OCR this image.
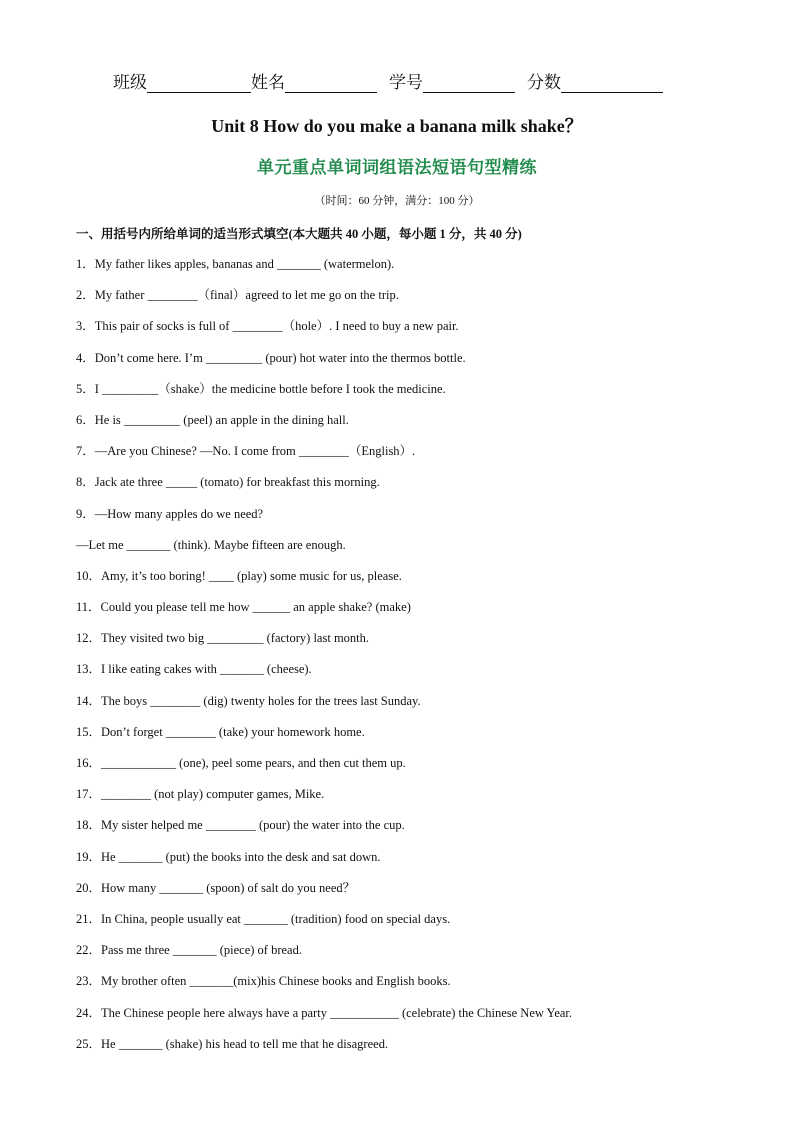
班级	姓名	学号	分数
Unit 8 How do you make a banana milk shake？
单元重点单词词组语法短语句型精练
（时间：60 分钟，满分：100 分）
一、用括号内所给单词的适当形式填空(本大题共 40 小题，每小题 1 分，共 40 分)
1．My father likes apples, bananas and _______ (watermelon).
2．My father ________（final）agreed to let me go on the trip.
3．This pair of socks is full of ________（hole）. I need to buy a new pair.
4．Don’t come here. I’m _________ (pour) hot water into the thermos bottle.
5．I _________（shake）the medicine bottle before I took the medicine.
6．He is _________ (peel) an apple in the dining hall.
7．—Are you Chinese? —No. I come from ________（English）.
8．Jack ate three _____ (tomato) for breakfast this morning.
9．—How many apples do we need?
—Let me _______ (think). Maybe fifteen are enough.
10．Amy, it’s too boring! ____ (play) some music for us, please.
11．Could you please tell me how ______ an apple shake? (make)
12．They visited two big _________ (factory) last month.
13．I like eating cakes with _______ (cheese).
14．The boys ________ (dig) twenty holes for the trees last Sunday.
15．Don’t forget ________ (take) your homework home.
16．____________ (one), peel some pears, and then cut them up.
17．________ (not play) computer games, Mike.
18．My sister helped me ________ (pour) the water into the cup.
19．He _______ (put) the books into the desk and sat down.
20．How many _______ (spoon) of salt do you need？
21．In China, people usually eat _______ (tradition) food on special days.
22．Pass me three _______ (piece) of bread.
23．My brother often _______(mix)his Chinese books and English books.
24．The Chinese people here always have a party ___________ (celebrate) the Chinese New Year.
25．He _______ (shake) his head to tell me that he disagreed.
